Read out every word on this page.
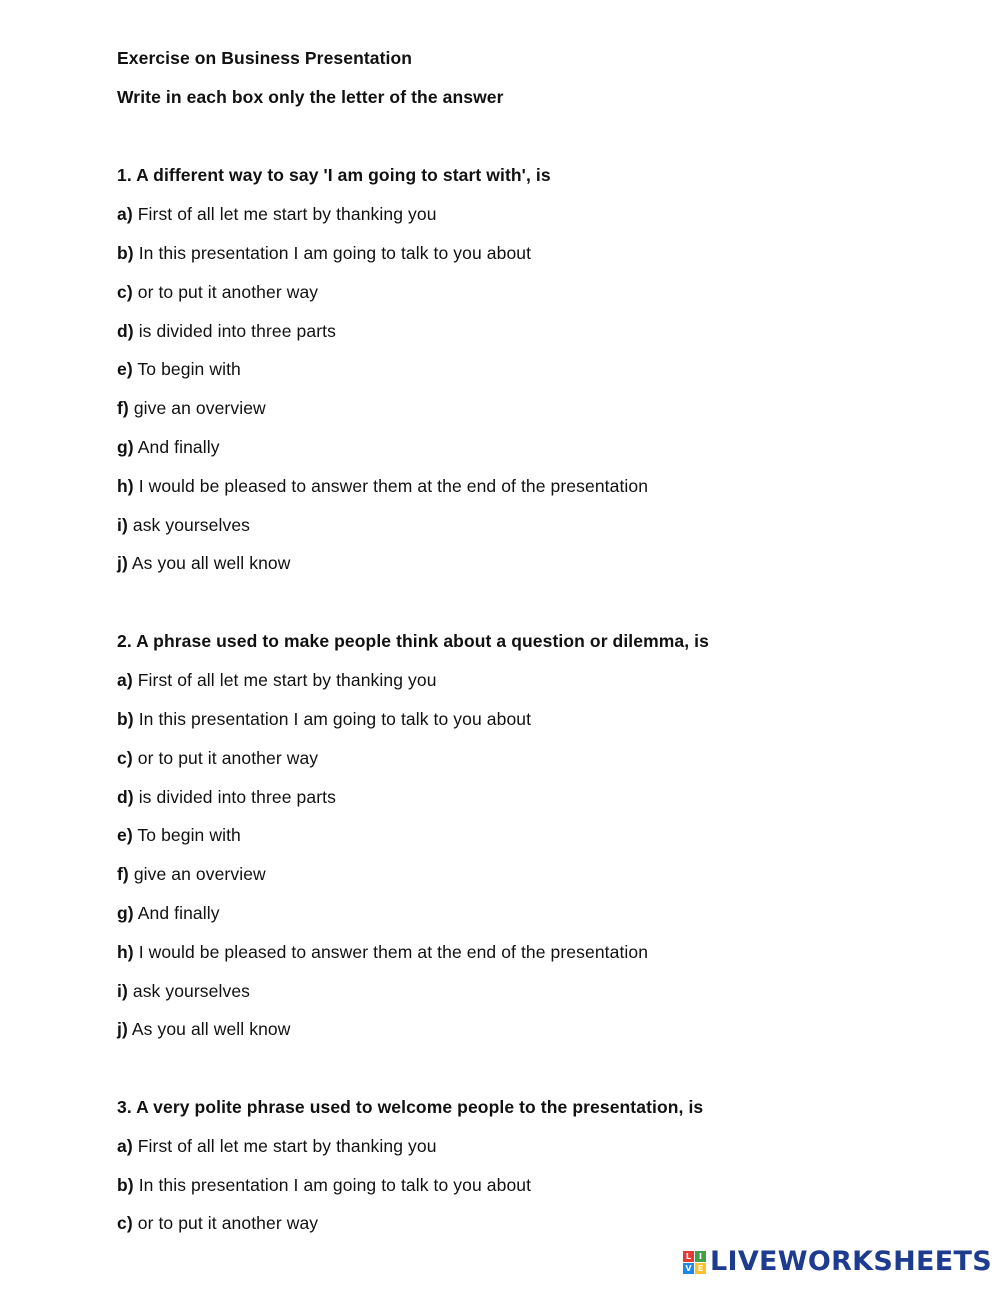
Exercise on Business Presentation
Write in each box only the letter of the answer
1. A different way to say 'I am going to start with', is
a) First of all let me start by thanking you
b) In this presentation I am going to talk to you about
c) or to put it another way
d) is divided into three parts
e) To begin with
f) give an overview
g) And finally
h) I would be pleased to answer them at the end of the presentation
i) ask yourselves
j) As you all well know
2. A phrase used to make people think about a question or dilemma, is
a) First of all let me start by thanking you
b) In this presentation I am going to talk to you about
c) or to put it another way
d) is divided into three parts
e) To begin with
f) give an overview
g) And finally
h) I would be pleased to answer them at the end of the presentation
i) ask yourselves
j) As you all well know
3. A very polite phrase used to welcome people to the presentation, is
a) First of all let me start by thanking you
b) In this presentation I am going to talk to you about
c) or to put it another way
L I
V E LIVEWORKSHEETS
